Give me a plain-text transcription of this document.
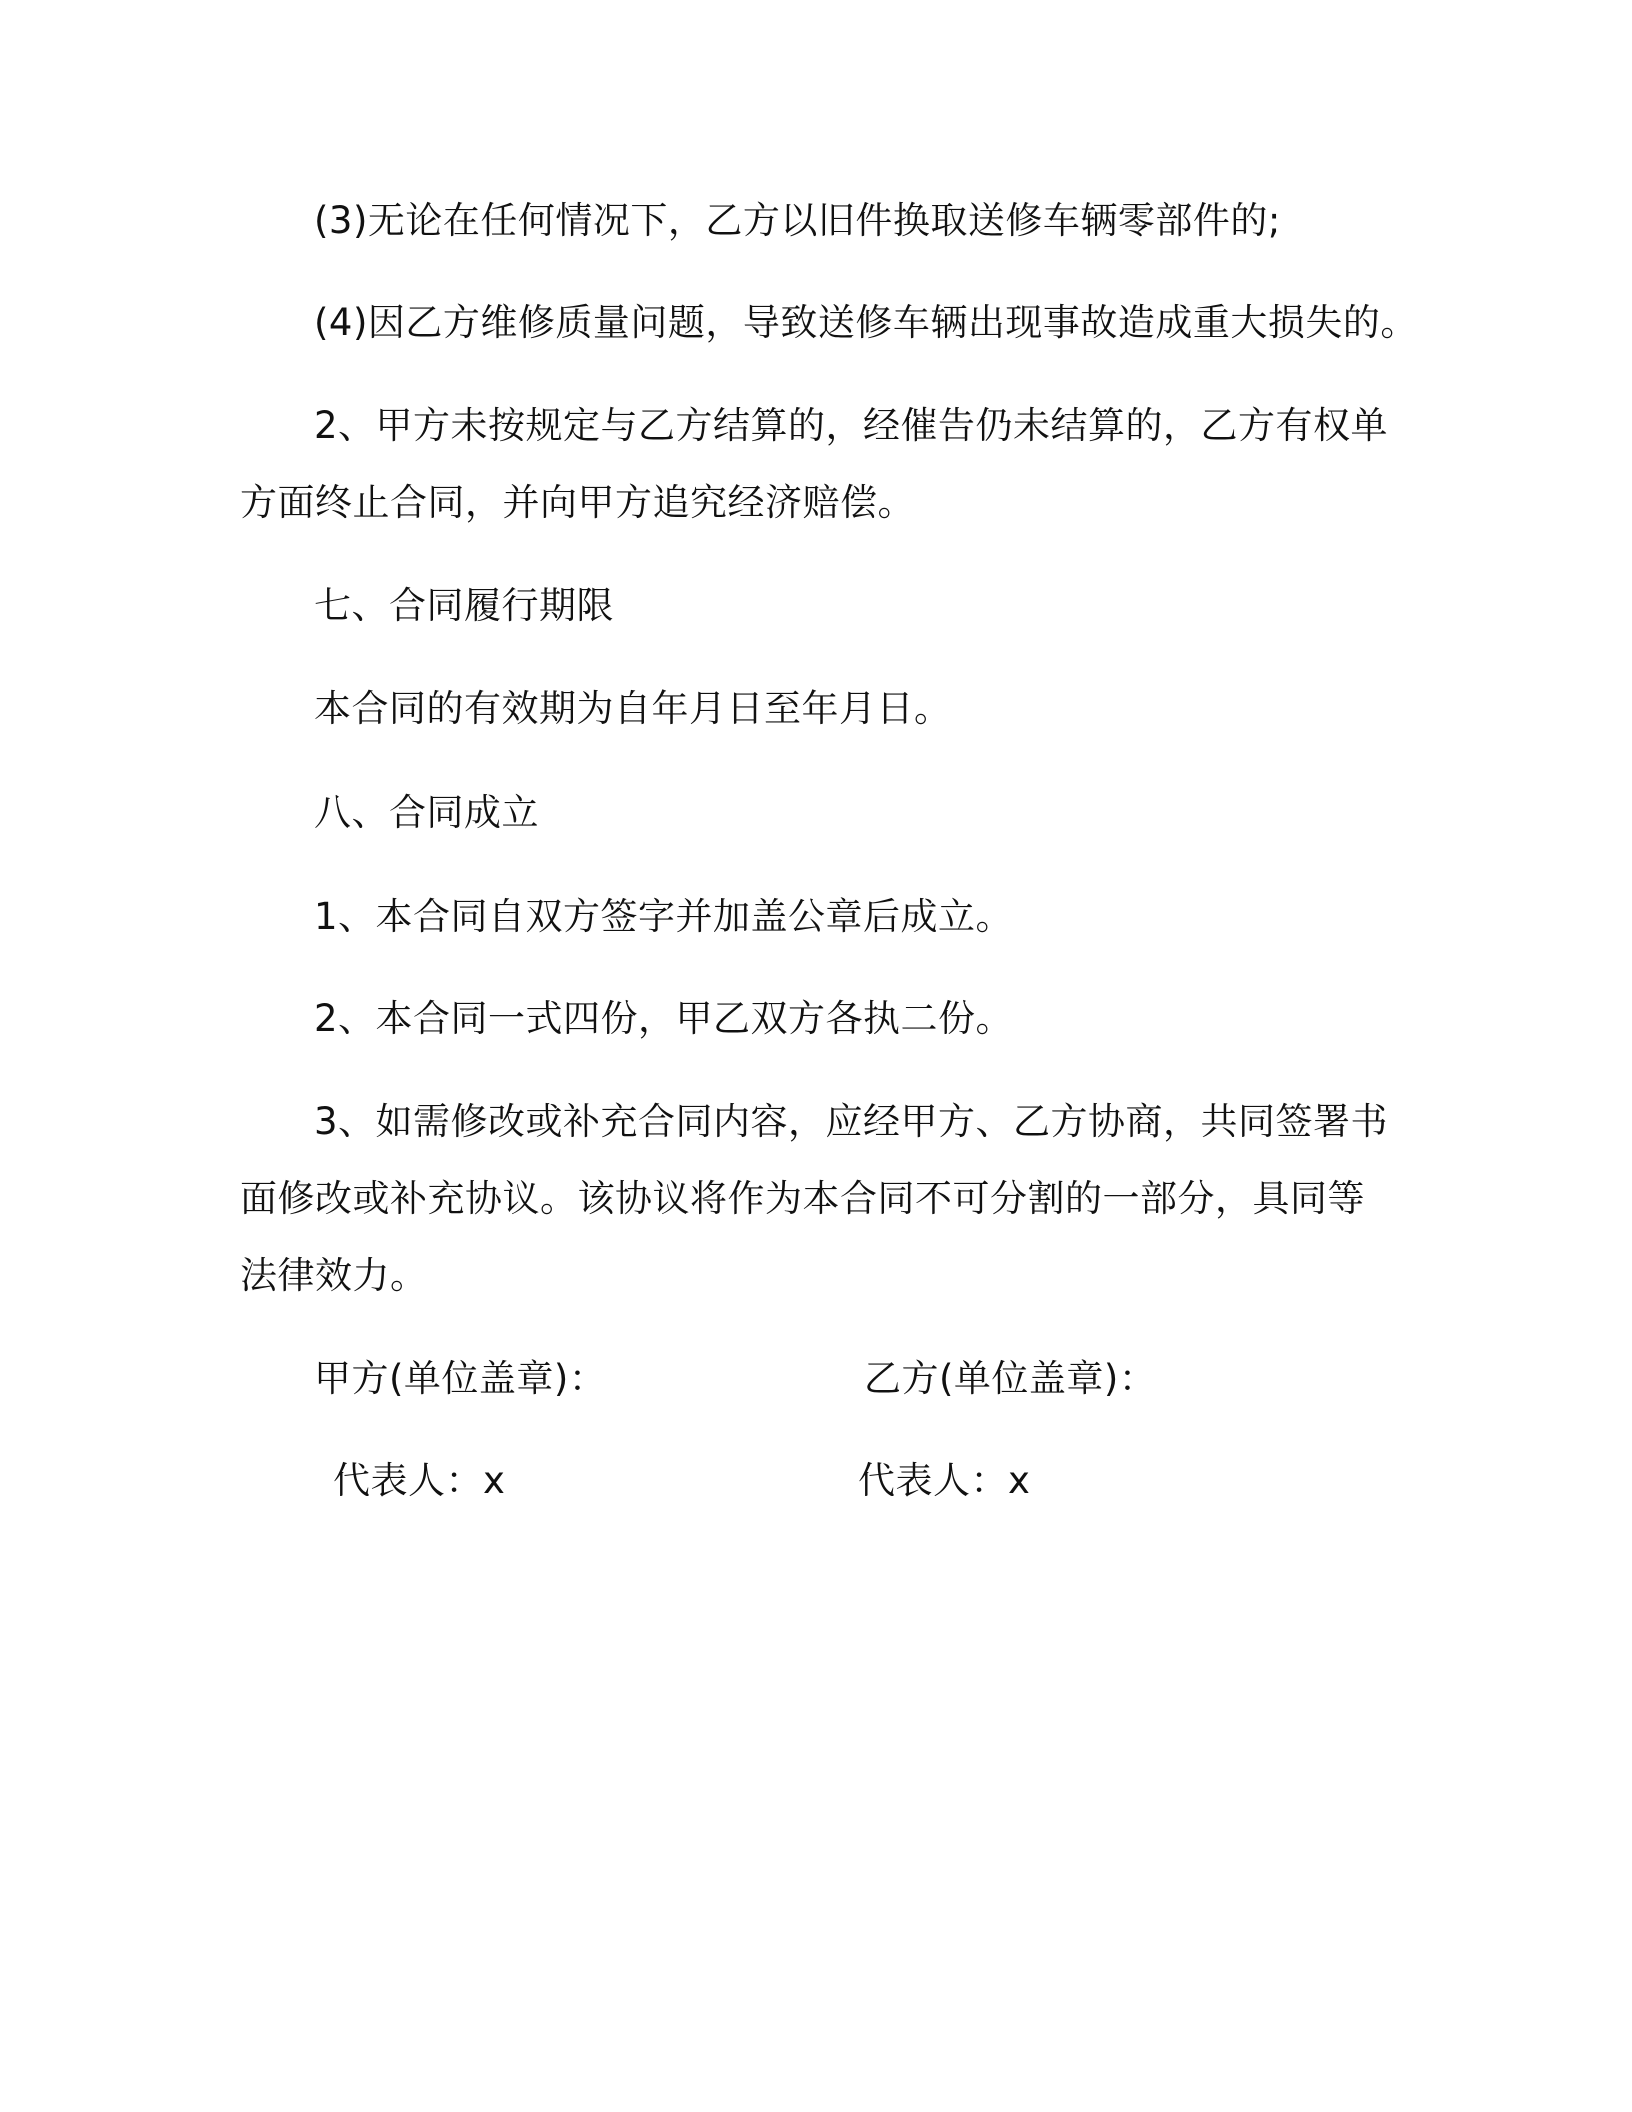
(3)无论在任何情况下，乙方以旧件换取送修车辆零部件的;
(4)因乙方维修质量问题，导致送修车辆出现事故造成重大损失的。
2、甲方未按规定与乙方结算的，经催告仍未结算的，乙方有权单
方面终止合同，并向甲方追究经济赔偿。
七、合同履行期限
本合同的有效期为自年月日至年月日。
八、合同成立
1、本合同自双方签字并加盖公章后成立。
2、本合同一式四份，甲乙双方各执二份。
3、如需修改或补充合同内容，应经甲方、乙方协商，共同签署书
面修改或补充协议。该协议将作为本合同不可分割的一部分，具同等
法律效力。
甲方(单位盖章)：	乙方(单位盖章)：
代表人：x	代表人：x
